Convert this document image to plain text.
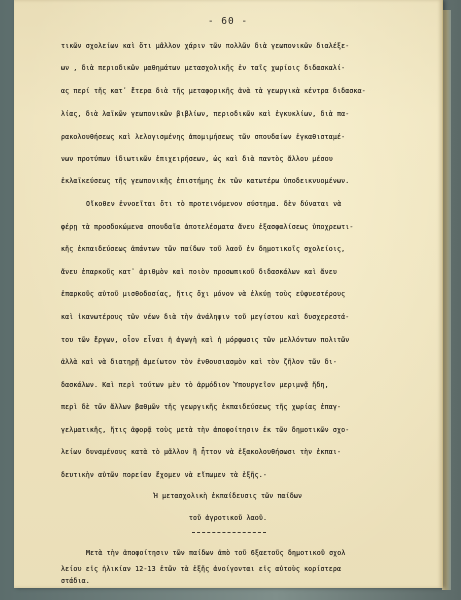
- 60 -
τικῶν σχολείων καὶ ὅτι μᾶλλον χάριν τῶν πολλῶν διὰ γεωπονικῶν διαλέξε-
ων , διὰ περιοδικῶν μαθημάτων μετασχολικῆς ἐν ταῖς χωρίοις διδασκαλί-
ας περί τῆς κατ᾽ ἔτερα διὰ τῆς μεταφορικῆς ἀνὰ τὰ γεωργικὰ κέντρα διδασκα-
λίας, διὰ λαϊκῶν γεωπονικῶν βιβλίων, περιοδικῶν καὶ ἐγκυκλίων, διὰ πα-
ρακολουθήσεως καὶ λελογισμένης ἀπομιμήσεως τῶν σπουδαίων ἐγκαθισταμέ-
νων προτύπων ἰδιωτικῶν ἐπιχειρήσεων, ὡς καὶ διὰ παντὸς ἄλλου μέσου
ἐκλαϊκεύσεως τῆς γεωπονικῆς ἐπιστήμης ἐκ τῶν κατωτέρω ὑποδεικνυομένων.
Οἴκοθεν ἐννοεῖται ὅτι τὸ προτεινόμενον σύστημα. δὲν δύναται νὰ
φέρῃ τὰ προσδοκώμενα σπουδαῖα ἀποτελέσματα ἄνευ ἐξασφαλίσεως ὑποχρεωτι-
κῆς ἐκπαιδεύσεως ἁπάντων τῶν παίδων τοῦ λαοῦ ἐν δημοτικοῖς σχολείοις,
ἄνευ ἐπαρκοῦς κατ᾽ ἀριθμὸν καὶ ποιὸν προσωπικοῦ διδασκάλων καὶ ἄνευ
ἐπαρκοῦς αὐτοῦ μισθοδοσίας, ἥτις ὄχι μόνον νὰ ἑλκύῃ τοὺς εὐφυεστέρους
καὶ ἱκανωτέρους τῶν νέων διὰ τὴν ἀνάληψιν τοῦ μεγίστου καὶ δυσχερεστά-
του τῶν ἔργων, οἷον εἶναι ἡ ἀγωγὴ καὶ ἡ μόρφωσις τῶν μελλόντων πολιτῶν
ἀλλὰ καὶ νὰ διατηρῇ ἀμείωτον τὸν ἐνθουσιασμὸν καὶ τὸν ζῆλον τῶν δι-
δασκάλων. Καὶ περὶ τούτων μὲν τὸ ἁρμόδιον Ὑπουργεῖον μεριμνᾷ ἤδη,
περὶ δὲ τῶν ἄλλων βαθμῶν τῆς γεωργικῆς ἐκπαιδεύσεως τῆς χωρίας ἐπαγ-
γελματικῆς, ἥτις ἀφορᾷ τοὺς μετὰ τὴν ἀποφοίτησιν ἐκ τῶν δημοτικῶν σχο-
λείων δυναμένους κατὰ τὸ μᾶλλον ἢ ἧττον νὰ ἐξακολουθήσωσι τὴν ἐκπαι-
δευτικὴν αὐτῶν πορείαν ἔχομεν νὰ εἴπωμεν τὰ ἑξῆς.-
Ἡ μετασχολικὴ ἐκπαίδευσις τῶν παίδων
τοῦ ἀγροτικοῦ λαοῦ.
Μετὰ τὴν ἀποφοίτησιν τῶν παίδων ἀπὸ τοῦ 6ξαετοῦς δημοτικοῦ σχολ
λείου εἰς ἡλικίαν 12-13 ἐτῶν τὰ ἑξῆς ἀνοίγονται εἰς αὐτοὺς κορίστερα
στάδια.
